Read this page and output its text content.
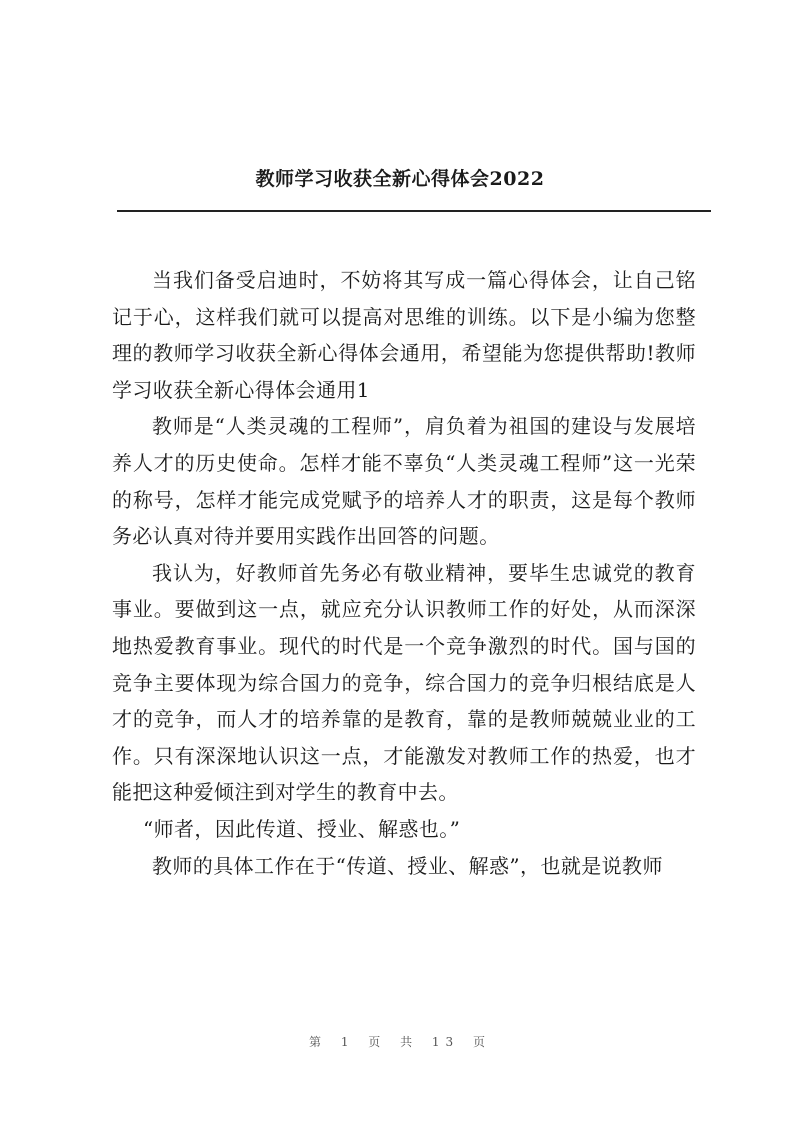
教师学习收获全新心得体会2022

当我们备受启迪时，不妨将其写成一篇心得体会，让自己铭记于心，这样我们就可以提高对思维的训练。以下是小编为您整理的教师学习收获全新心得体会通用，希望能为您提供帮助!教师学习收获全新心得体会通用1

教师是“人类灵魂的工程师”，肩负着为祖国的建设与发展培养人才的历史使命。怎样才能不辜负“人类灵魂工程师”这一光荣的称号，怎样才能完成党赋予的培养人才的职责，这是每个教师务必认真对待并要用实践作出回答的问题。

我认为，好教师首先务必有敬业精神，要毕生忠诚党的教育事业。要做到这一点，就应充分认识教师工作的好处，从而深深地热爱教育事业。现代的时代是一个竞争激烈的时代。国与国的竞争主要体现为综合国力的竞争，综合国力的竞争归根结底是人才的竞争，而人才的培养靠的是教育，靠的是教师兢兢业业的工作。只有深深地认识这一点，才能激发对教师工作的热爱，也才能把这种爱倾注到对学生的教育中去。

“师者，因此传道、授业、解惑也。”

教师的具体工作在于“传道、授业、解惑”，也就是说教师

第 1 页 共 13 页
